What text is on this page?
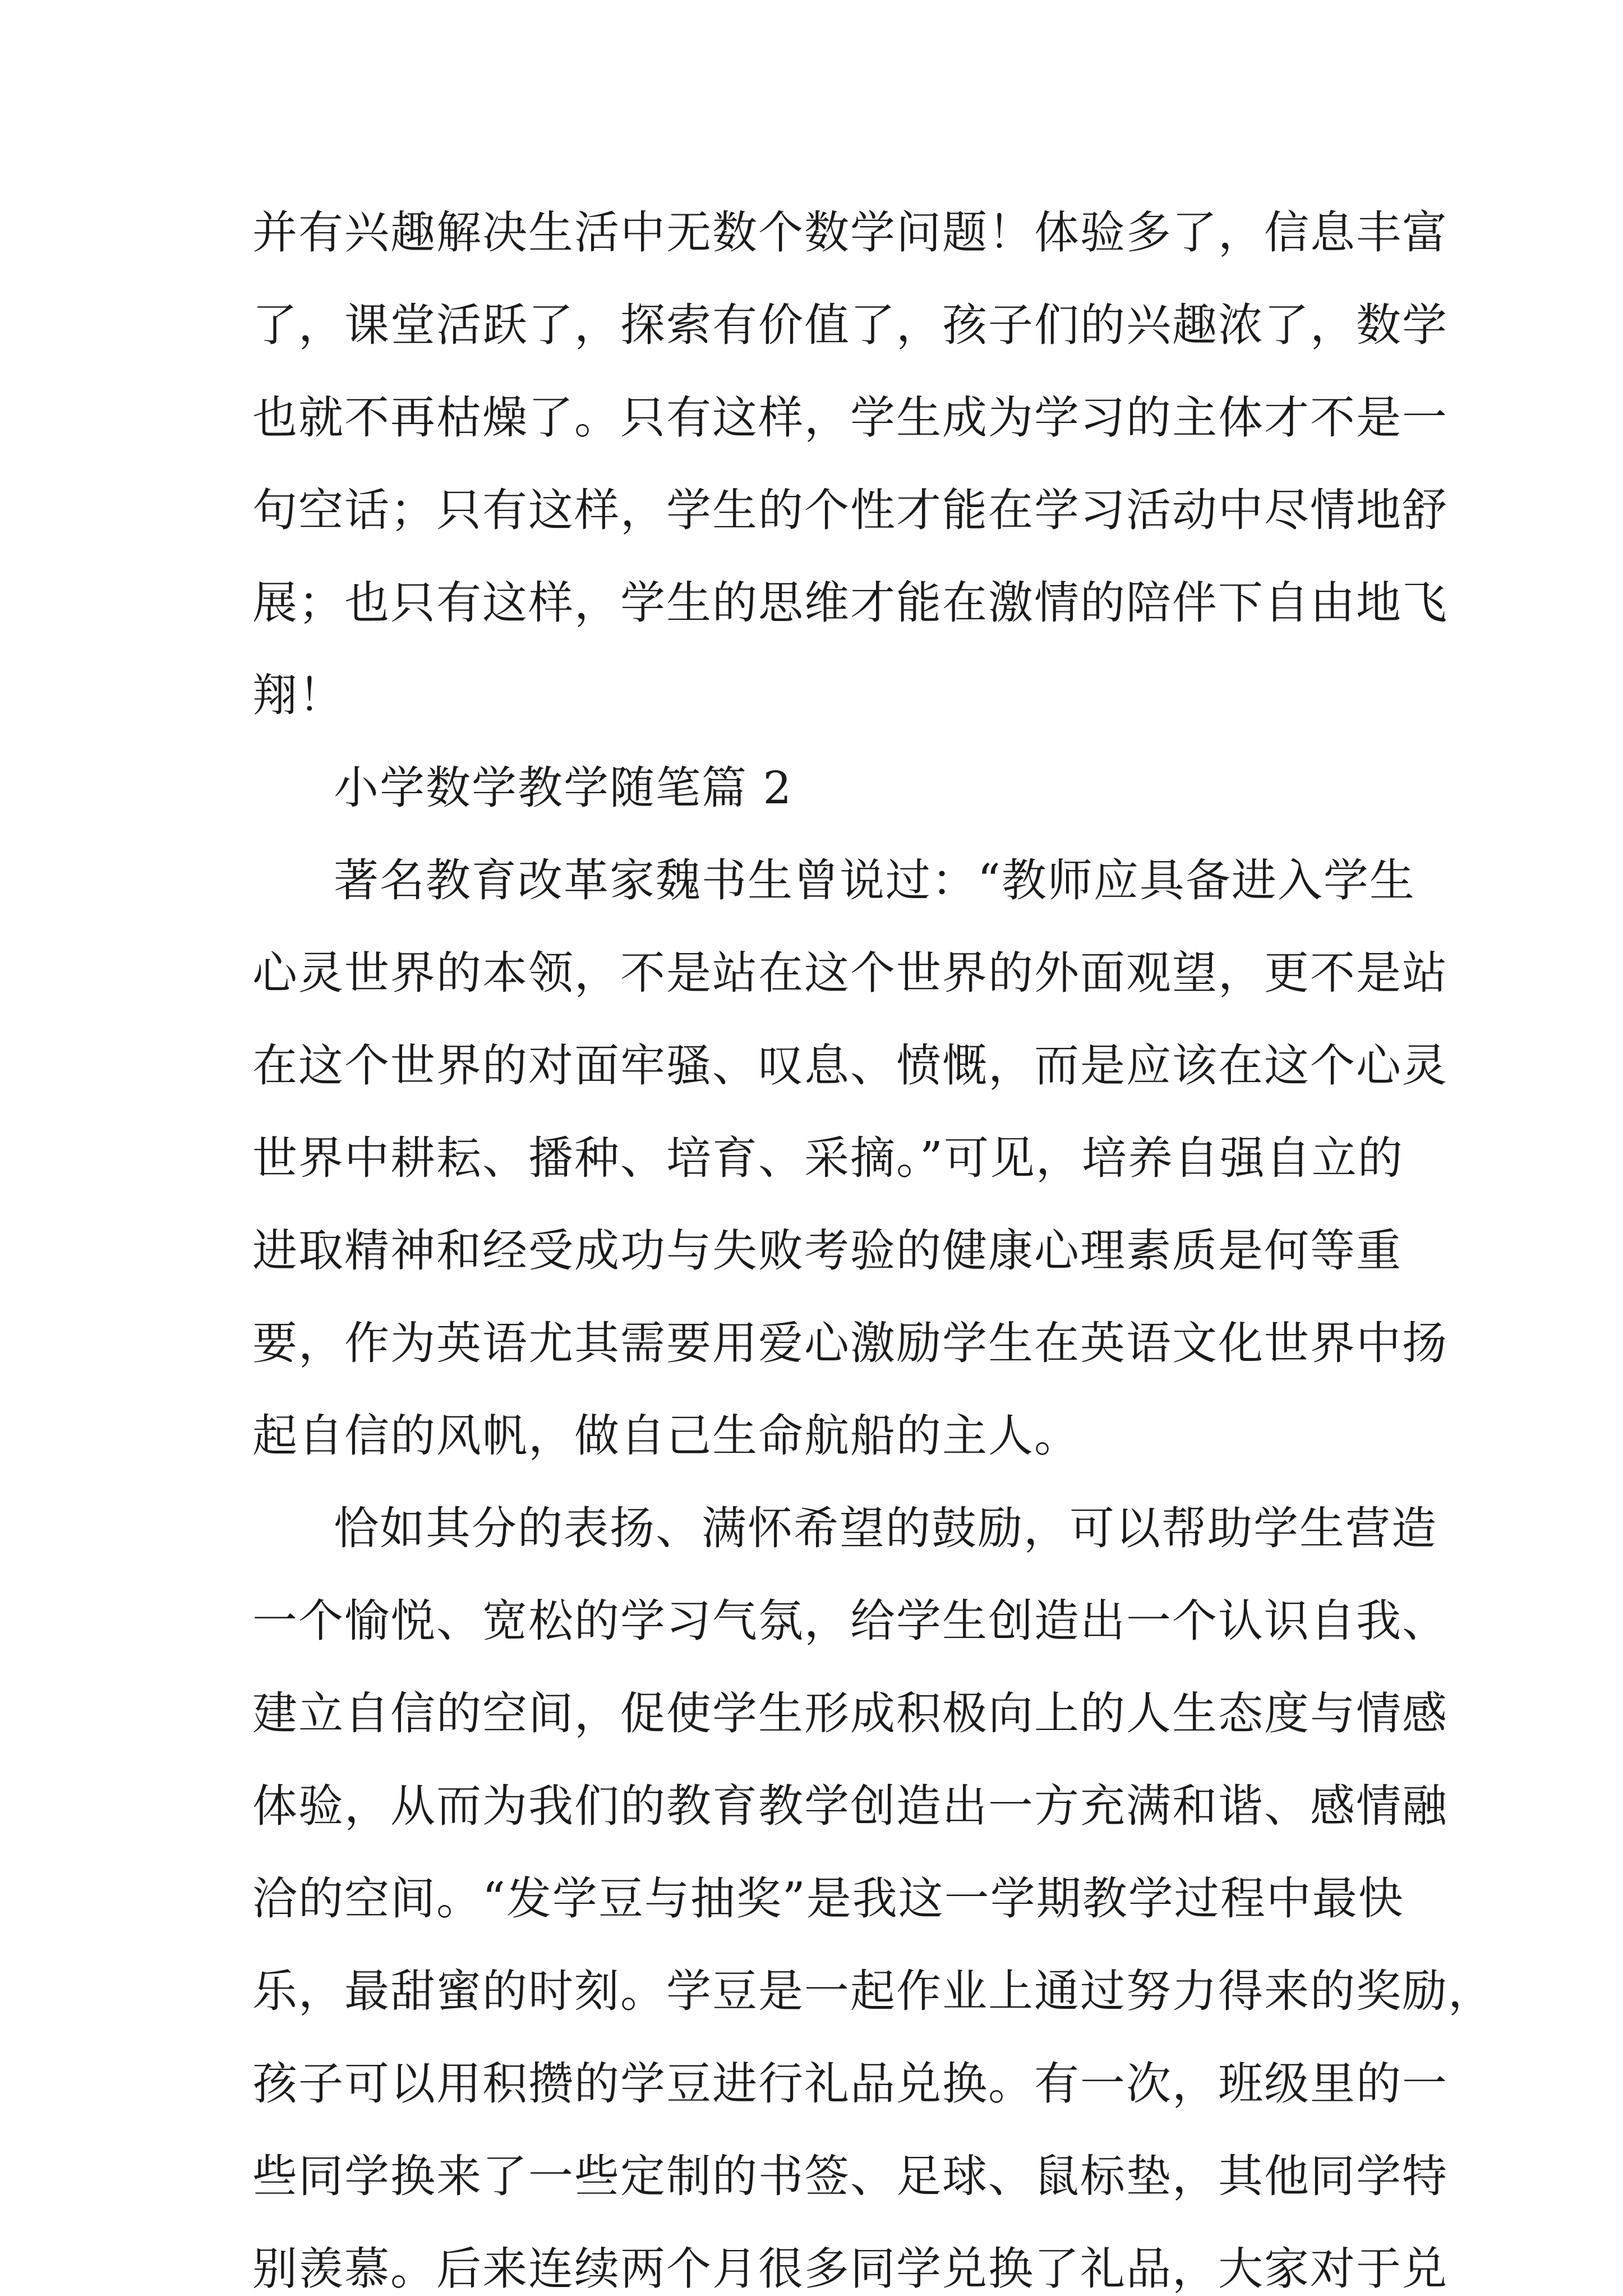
并有兴趣解决生活中无数个数学问题！体验多了，信息丰富
了，课堂活跃了，探索有价值了，孩子们的兴趣浓了，数学
也就不再枯燥了。只有这样，学生成为学习的主体才不是一
句空话；只有这样，学生的个性才能在学习活动中尽情地舒
展；也只有这样，学生的思维才能在激情的陪伴下自由地飞
翔！
小学数学教学随笔篇 2
著名教育改革家魏书生曾说过：“教师应具备进入学生
心灵世界的本领，不是站在这个世界的外面观望，更不是站
在这个世界的对面牢骚、叹息、愤慨，而是应该在这个心灵
世界中耕耘、播种、培育、采摘。”可见，培养自强自立的
进取精神和经受成功与失败考验的健康心理素质是何等重
要，作为英语尤其需要用爱心激励学生在英语文化世界中扬
起自信的风帆，做自己生命航船的主人。
恰如其分的表扬、满怀希望的鼓励，可以帮助学生营造
一个愉悦、宽松的学习气氛，给学生创造出一个认识自我、
建立自信的空间，促使学生形成积极向上的人生态度与情感
体验，从而为我们的教育教学创造出一方充满和谐、感情融
洽的空间。“发学豆与抽奖”是我这一学期教学过程中最快
乐，最甜蜜的时刻。学豆是一起作业上通过努力得来的奖励，
孩子可以用积攒的学豆进行礼品兑换。有一次，班级里的一
些同学换来了一些定制的书签、足球、鼠标垫，其他同学特
别羡慕。后来连续两个月很多同学兑换了礼品，大家对于兑
